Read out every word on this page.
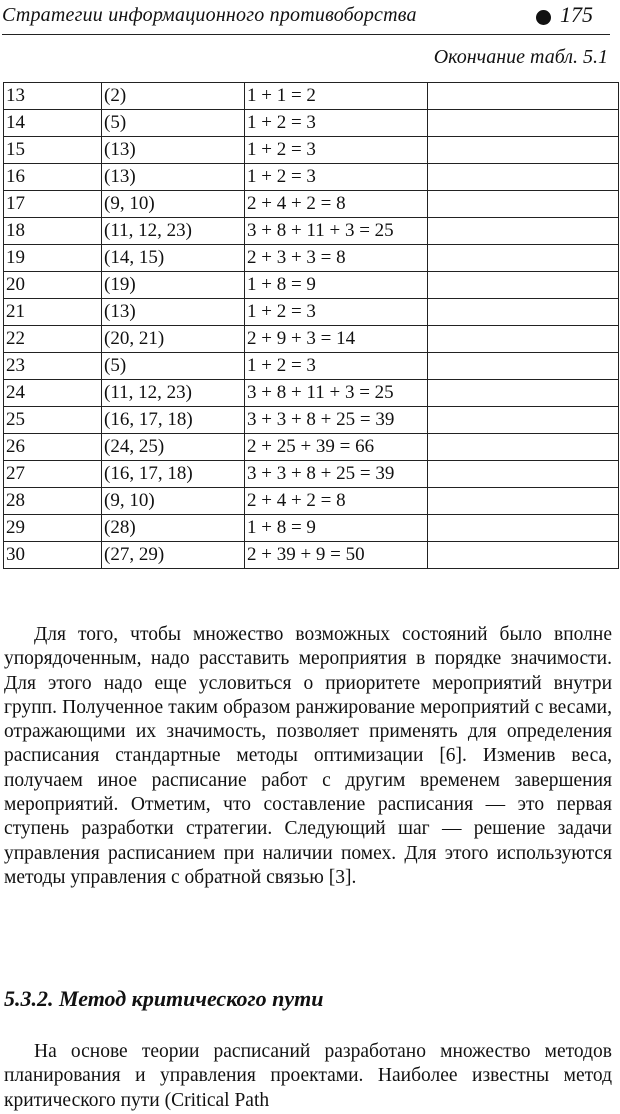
Стратегии информационного противоборства	175
Окончание табл. 5.1
13	(2)	1 + 1 = 2	
14	(5)	1 + 2 = 3	
15	(13)	1 + 2 = 3	
16	(13)	1 + 2 = 3	
17	(9, 10)	2 + 4 + 2 = 8	
18	(11, 12, 23)	3 + 8 + 11 + 3 = 25	
19	(14, 15)	2 + 3 + 3 = 8	
20	(19)	1 + 8 = 9	
21	(13)	1 + 2 = 3	
22	(20, 21)	2 + 9 + 3 = 14	
23	(5)	1 + 2 = 3	
24	(11, 12, 23)	3 + 8 + 11 + 3 = 25	
25	(16, 17, 18)	3 + 3 + 8 + 25 = 39	
26	(24, 25)	2 + 25 + 39 = 66	
27	(16, 17, 18)	3 + 3 + 8 + 25 = 39	
28	(9, 10)	2 + 4 + 2 = 8	
29	(28)	1 + 8 = 9	
30	(27, 29)	2 + 39 + 9 = 50	

Для того, чтобы множество возможных состояний было вполне упорядоченным, надо расставить мероприятия в порядке значимости. Для этого надо еще условиться о приоритете мероприятий внутри групп. Полученное таким образом ранжирование мероприятий с весами, отражающими их значимость, позволяет применять для определения расписания стандартные методы оптимизации [6]. Изменив веса, получаем иное расписание работ с другим временем завершения мероприятий. Отметим, что составление расписания — это первая ступень разработки стратегии. Следующий шаг — решение задачи управления расписанием при наличии помех. Для этого используются методы управления с обратной связью [3].

5.3.2. Метод критического пути

На основе теории расписаний разработано множество методов планирования и управления проектами. Наиболее известны метод критического пути (Critical Path
